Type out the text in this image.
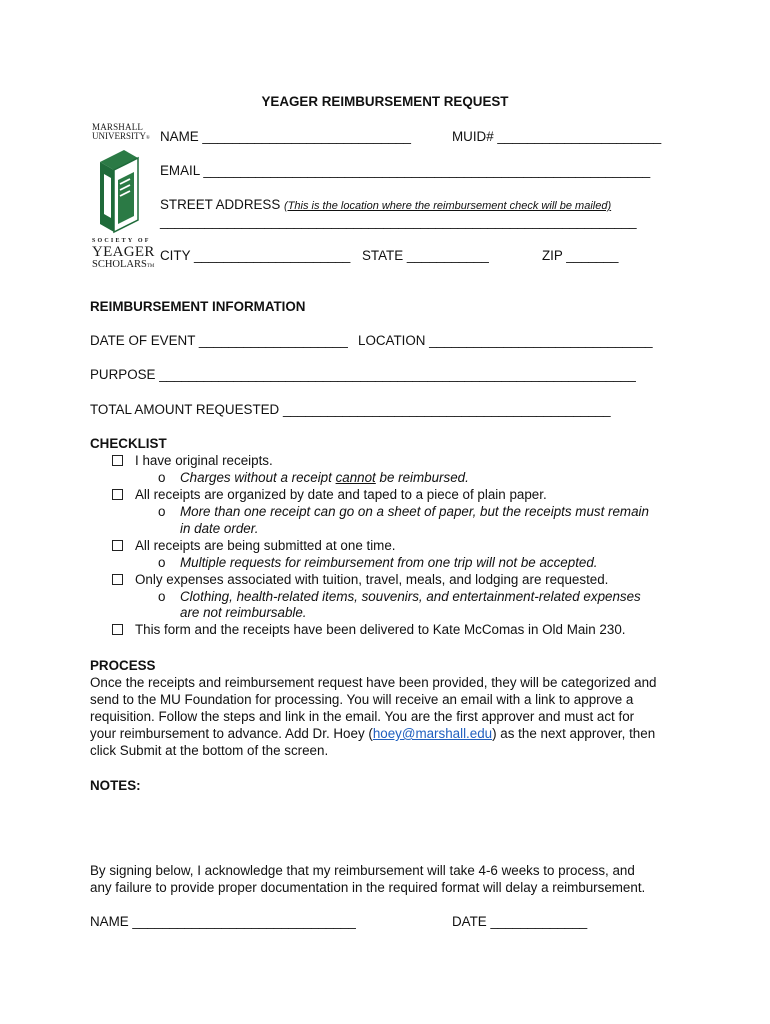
YEAGER REIMBURSEMENT REQUEST
MARSHALL
UNIVERSITY®
SOCIETY OF
YEAGER
SCHOLARSTM
NAME ____________________________	MUID# ______________________
EMAIL ____________________________________________________________
STREET ADDRESS (This is the location where the reimbursement check will be mailed)
________________________________________________________________
CITY _____________________ STATE ___________	ZIP _______
REIMBURSEMENT INFORMATION
DATE OF EVENT ____________________ LOCATION ______________________________
PURPOSE ________________________________________________________________
TOTAL AMOUNT REQUESTED ____________________________________________
CHECKLIST
I have original receipts.
o Charges without a receipt cannot be reimbursed.
All receipts are organized by date and taped to a piece of plain paper.
o More than one receipt can go on a sheet of paper, but the receipts must remain
in date order.
All receipts are being submitted at one time.
o Multiple requests for reimbursement from one trip will not be accepted.
Only expenses associated with tuition, travel, meals, and lodging are requested.
o Clothing, health-related items, souvenirs, and entertainment-related expenses
are not reimbursable.
This form and the receipts have been delivered to Kate McComas in Old Main 230.
PROCESS
Once the receipts and reimbursement request have been provided, they will be categorized and
send to the MU Foundation for processing. You will receive an email with a link to approve a
requisition. Follow the steps and link in the email. You are the first approver and must act for
your reimbursement to advance. Add Dr. Hoey (hoey@marshall.edu) as the next approver, then
click Submit at the bottom of the screen.
NOTES:
By signing below, I acknowledge that my reimbursement will take 4-6 weeks to process, and
any failure to provide proper documentation in the required format will delay a reimbursement.
NAME ______________________________	DATE _____________
